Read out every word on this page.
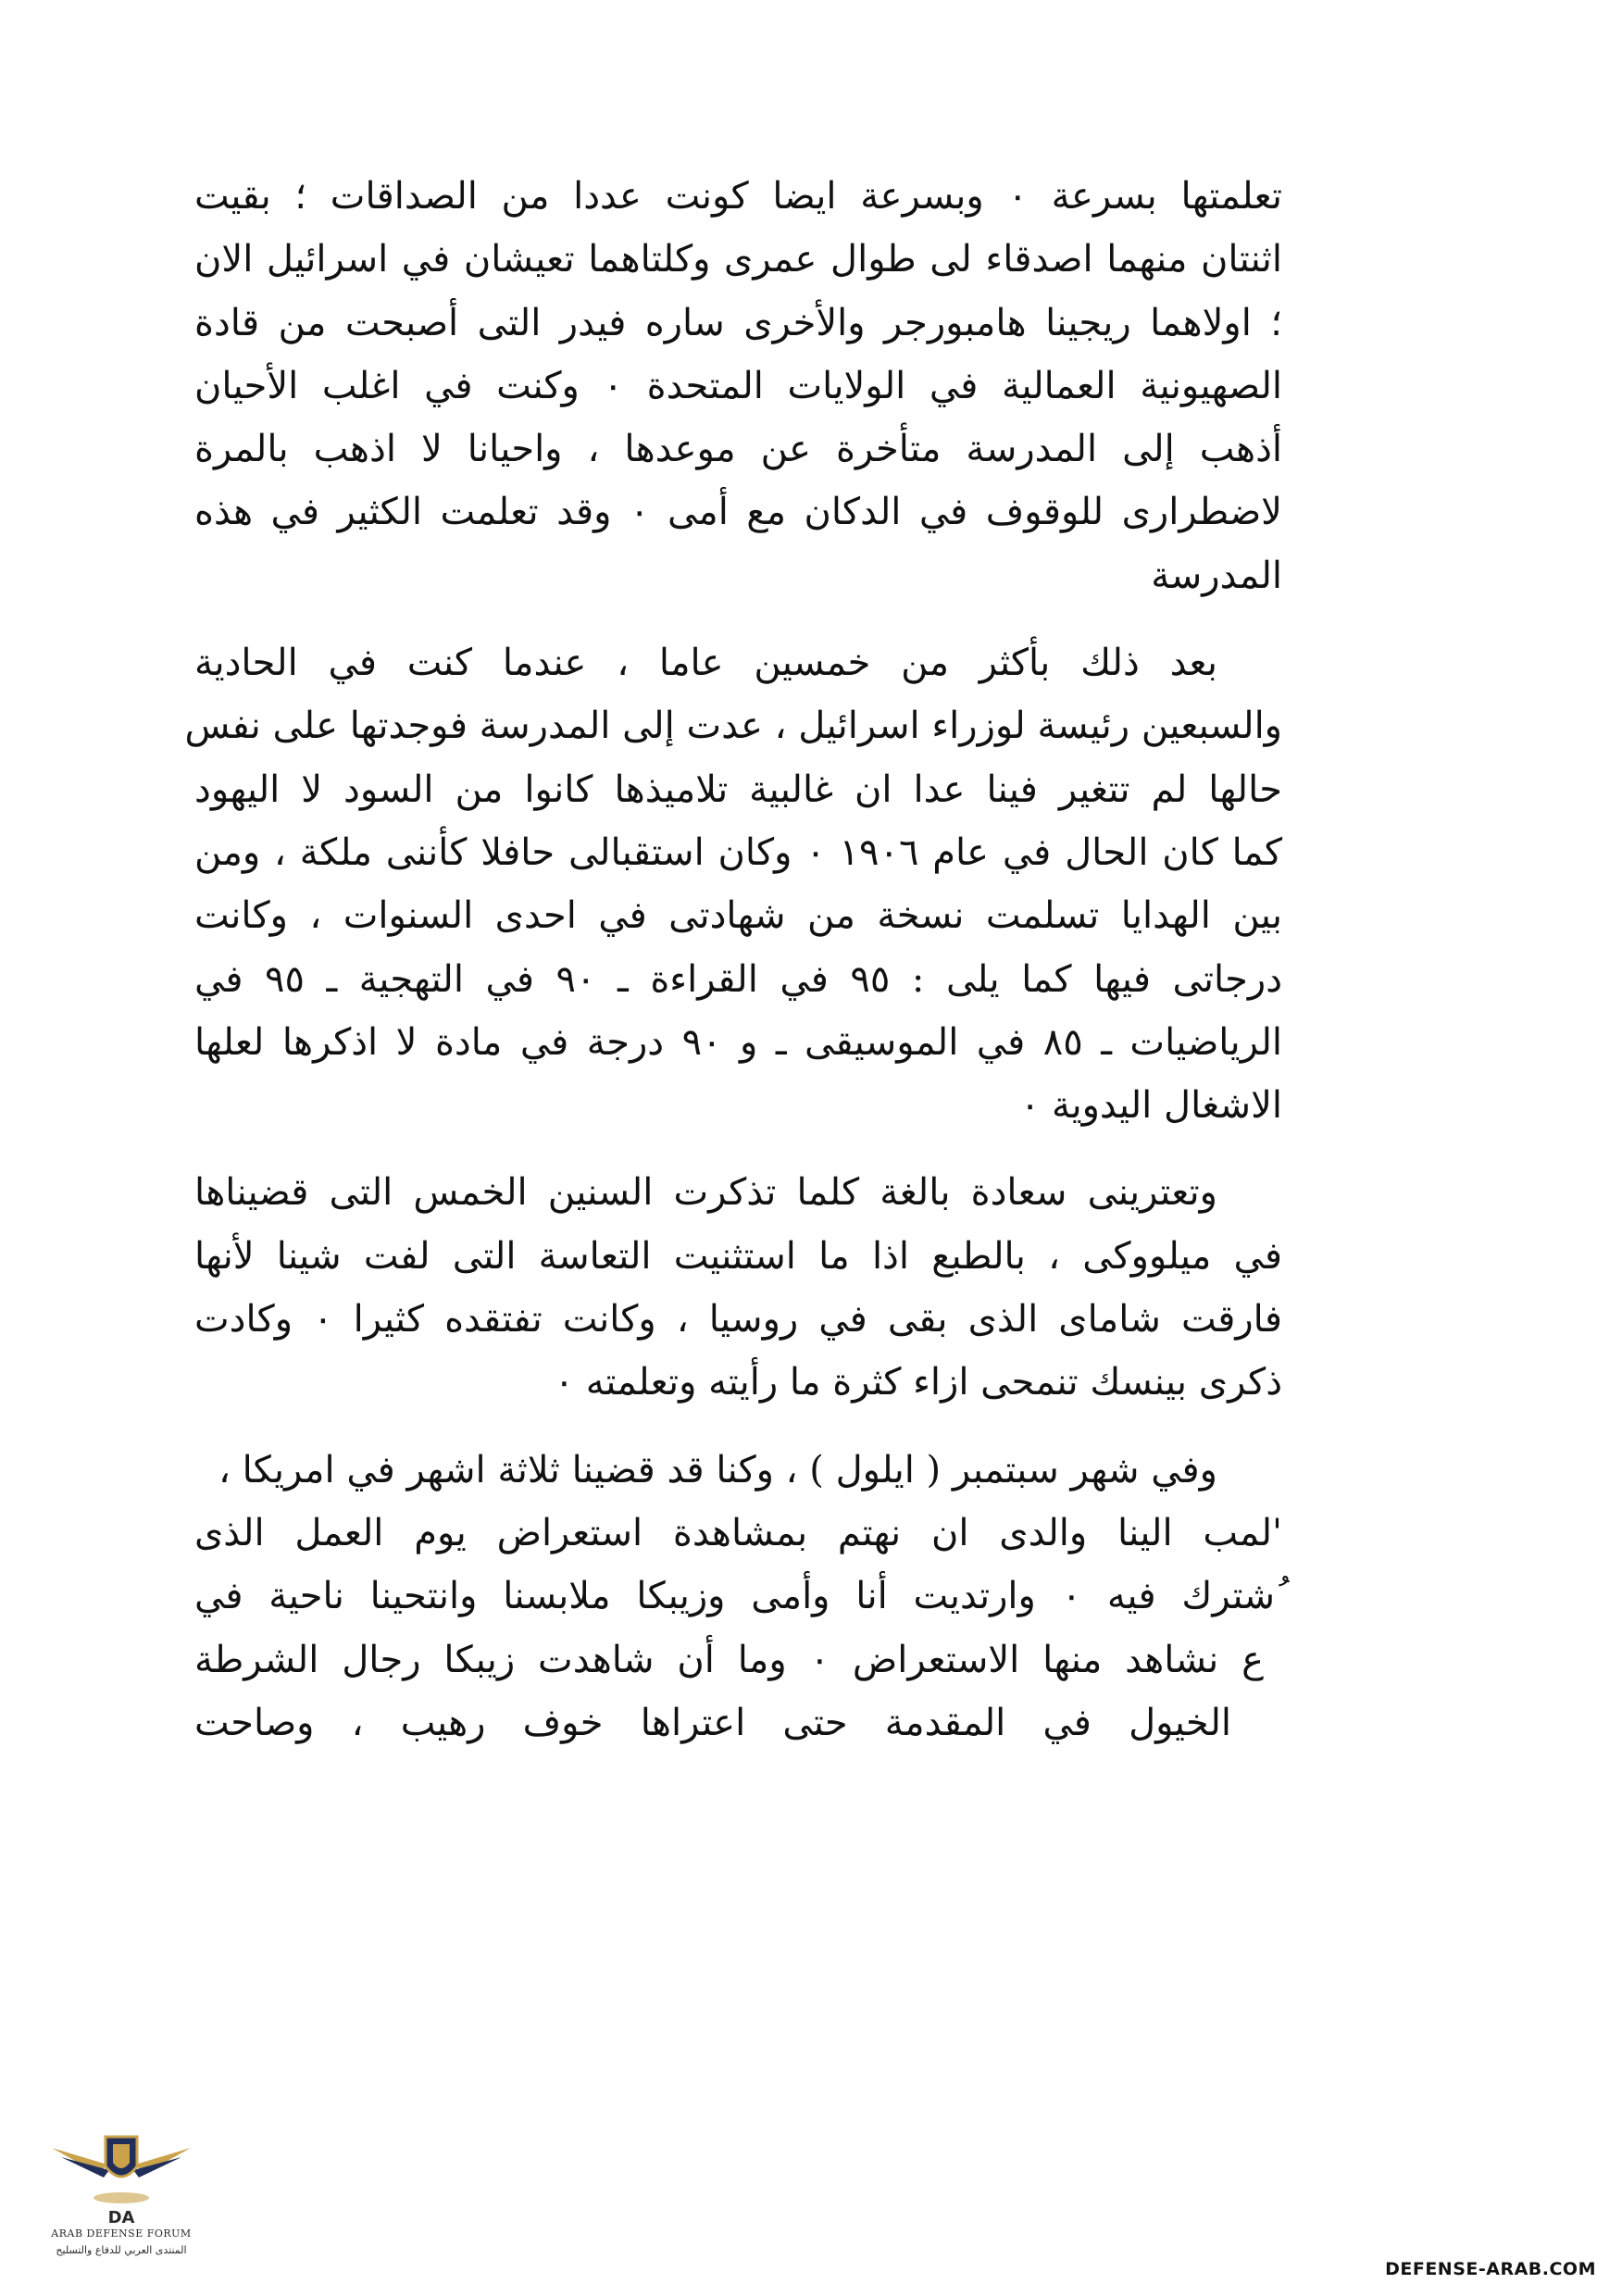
تعلمتها بسرعة ٠ وبسرعة ايضا كونت عددا من الصداقات ؛ بقيت
اثنتان منهما اصدقاء لى طوال عمرى وكلتاهما تعيشان في اسرائيل الان
؛ اولاهما ريجينا هامبورجر والأخرى ساره فيدر التى أصبحت من قادة
الصهيونية العمالية في الولايات المتحدة ٠ وكنت في اغلب الأحيان
أذهب إلى المدرسة متأخرة عن موعدها ، واحيانا لا اذهب بالمرة
لاضطرارى للوقوف في الدكان مع أمى ٠ وقد تعلمت الكثير في هذه
المدرسة
بعد ذلك بأكثر من خمسين عاما ، عندما كنت في الحادية
والسبعين رئيسة لوزراء اسرائيل ، عدت إلى المدرسة فوجدتها على نفس
حالها لم تتغير فينا عدا ان غالبية تلاميذها كانوا من السود لا اليهود
كما كان الحال في عام ١٩٠٦ ٠ وكان استقبالى حافلا كأننى ملكة ، ومن
بين الهدايا تسلمت نسخة من شهادتى في احدى السنوات ، وكانت
درجاتى فيها كما يلى : ٩٥ في القراءة ـ ٩٠ في التهجية ـ ٩٥ في
الرياضيات ـ ٨٥ في الموسيقى ـ و ٩٠ درجة في مادة لا اذكرها لعلها
الاشغال اليدوية ٠
وتعترينى سعادة بالغة كلما تذكرت السنين الخمس التى قضيناها
في ميلووكى ، بالطبع اذا ما استثنيت التعاسة التى لفت شينا لأنها
فارقت شاماى الذى بقى في روسيا ، وكانت تفتقده كثيرا ٠ وكادت
ذكرى بينسك تنمحى ازاء كثرة ما رأيته وتعلمته ٠
وفي شهر سبتمبر ( ايلول ) ، وكنا قد قضينا ثلاثة اشهر في امريكا ،
'لمب الينا والدى ان نهتم بمشاهدة استعراض يوم العمل الذى
ُشترك فيه ٠ وارتديت أنا وأمى وزيبكا ملابسنا وانتحينا ناحية في
ع نشاهد منها الاستعراض ٠ وما أن شاهدت زيبكا رجال الشرطة
الخيول في المقدمة حتى اعتراها خوف رهيب ، وصاحت
DA
ARAB DEFENSE FORUM
المنتدى العربي للدفاع والتسليح
DEFENSE-ARAB.COM
